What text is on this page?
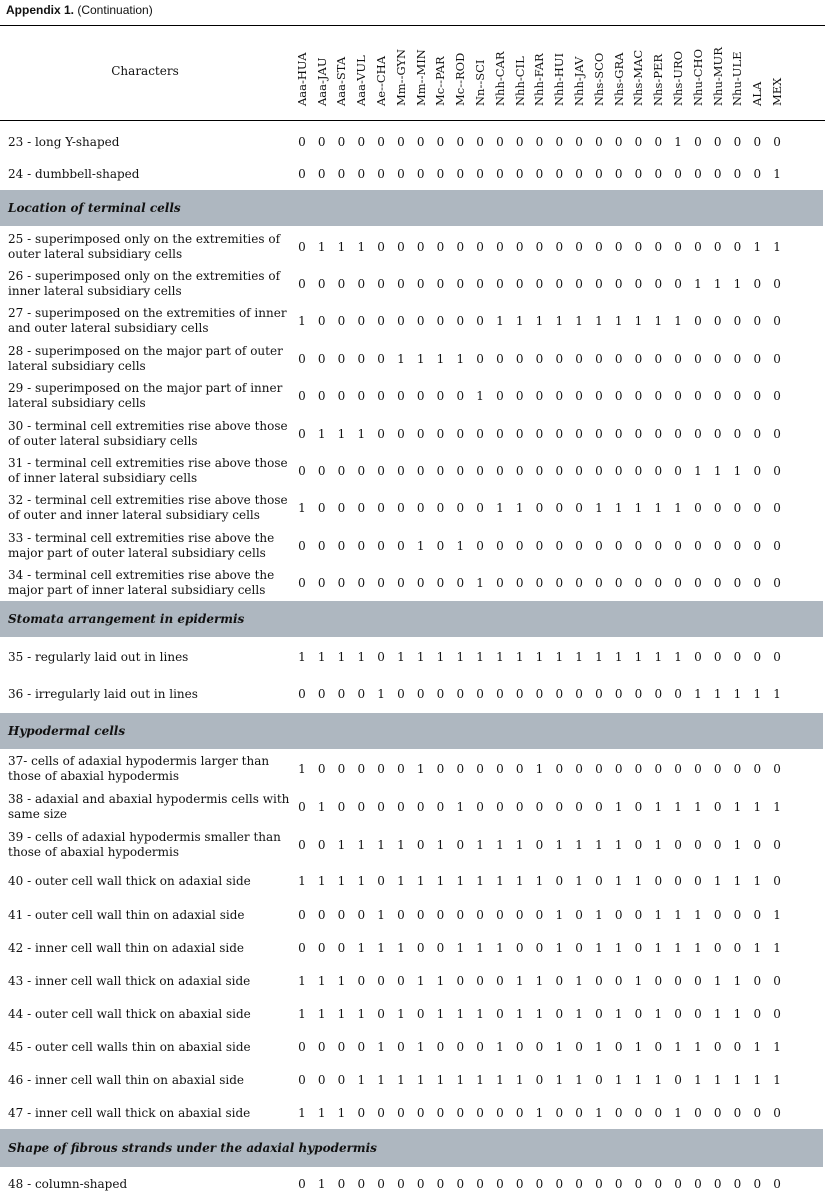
Appendix 1. (Continuation)
Characters	Aaa-HUA Aaa-JAU Aaa-STA Aaa-VUL Ae--CHA Mm--GYN Mm--MIN Mc--PAR Mc--ROD Nn--SCI Nhh-CAR Nhh-CIL Nhh-FAR Nhh-HUI Nhh-JAV Nhs-SCO Nhs-GRA Nhs-MAC Nhs-PER Nhs-URO Nhu-CHO Nhu-MUR Nhu-ULE ALA MEX
23 - long Y-shaped	0	0	0	0	0	0	0	0	0	0	0	0	0	0	0	0	0	0	0	1	0	0	0	0	0
24 - dumbbell-shaped	0	0	0	0	0	0	0	0	0	0	0	0	0	0	0	0	0	0	0	0	0	0	0	0	1
Location of terminal cells
25 - superimposed only on the extremities of outer lateral subsidiary cells
0	1	1	1	0	0	0	0	0	0	0	0	0	0	0	0	0	0	0	0	0	0	0	1	1
26 - superimposed only on the extremities of inner lateral subsidiary cells
0	0	0	0	0	0	0	0	0	0	0	0	0	0	0	0	0	0	0	0	1	1	1	0	0
27 - superimposed on the extremities of inner and outer lateral subsidiary cells
1	0	0	0	0	0	0	0	0	0	1	1	1	1	1	1	1	1	1	1	0	0	0	0	0
28 - superimposed on the major part of outer lateral subsidiary cells
0	0	0	0	0	1	1	1	1	0	0	0	0	0	0	0	0	0	0	0	0	0	0	0	0
29 - superimposed on the major part of inner lateral subsidiary cells
0	0	0	0	0	0	0	0	0	1	0	0	0	0	0	0	0	0	0	0	0	0	0	0	0
30 - terminal cell extremities rise above those of outer lateral subsidiary cells
0	1	1	1	0	0	0	0	0	0	0	0	0	0	0	0	0	0	0	0	0	0	0	0	0
31 - terminal cell extremities rise above those of inner lateral subsidiary cells
0	0	0	0	0	0	0	0	0	0	0	0	0	0	0	0	0	0	0	0	1	1	1	0	0
32 - terminal cell extremities rise above those of outer and inner lateral subsidiary cells
1	0	0	0	0	0	0	0	0	0	1	1	0	0	0	1	1	1	1	1	0	0	0	0	0
33 - terminal cell extremities rise above the major part of outer lateral subsidiary cells
0	0	0	0	0	0	1	0	1	0	0	0	0	0	0	0	0	0	0	0	0	0	0	0	0
34 - terminal cell extremities rise above the major part of inner lateral subsidiary cells
0	0	0	0	0	0	0	0	0	1	0	0	0	0	0	0	0	0	0	0	0	0	0	0	0
Stomata arrangement in epidermis
35 - regularly laid out in lines	1	1	1	1	0	1	1	1	1	1	1	1	1	1	1	1	1	1	1	1	0	0	0	0	0
36 - irregularly laid out in lines	0	0	0	0	1	0	0	0	0	0	0	0	0	0	0	0	0	0	0	0	1	1	1	1	1
Hypodermal cells
37- cells of adaxial hypodermis larger than those of abaxial hypodermis
1	0	0	0	0	0	1	0	0	0	0	0	1	0	0	0	0	0	0	0	0	0	0	0	0
38 - adaxial and abaxial hypodermis cells with same size
0	1	0	0	0	0	0	0	1	0	0	0	0	0	0	0	1	0	1	1	1	0	1	1	1
39 - cells of adaxial hypodermis smaller than those of abaxial hypodermis
0	0	1	1	1	1	0	1	0	1	1	1	0	1	1	1	1	0	1	0	0	0	1	0	0
40 - outer cell wall thick on adaxial side	1	1	1	1	0	1	1	1	1	1	1	1	1	0	1	0	1	1	0	0	0	1	1	1	0
41 - outer cell wall thin on adaxial side	0	0	0	0	1	0	0	0	0	0	0	0	0	1	0	1	0	0	1	1	1	0	0	0	1
42 - inner cell wall thin on adaxial side	0	0	0	1	1	1	0	0	1	1	1	0	0	1	0	1	1	0	1	1	1	0	0	1	1
43 - inner cell wall thick on adaxial side	1	1	1	0	0	0	1	1	0	0	0	1	1	0	1	0	0	1	0	0	0	1	1	0	0
44 - outer cell wall thick on abaxial side	1	1	1	1	0	1	0	1	1	1	0	1	1	0	1	0	1	0	1	0	0	1	1	0	0
45 - outer cell walls thin on abaxial side	0	0	0	0	1	0	1	0	0	0	1	0	0	1	0	1	0	1	0	1	1	0	0	1	1
46 - inner cell wall thin on abaxial side	0	0	0	1	1	1	1	1	1	1	1	1	0	1	1	0	1	1	1	0	1	1	1	1	1
47 - inner cell wall thick on abaxial side	1	1	1	0	0	0	0	0	0	0	0	0	1	0	0	1	0	0	0	1	0	0	0	0	0
Shape of fibrous strands under the adaxial hypodermis
48 - column-shaped	0	1	0	0	0	0	0	0	0	0	0	0	0	0	0	0	0	0	0	0	0	0	0	0	0
